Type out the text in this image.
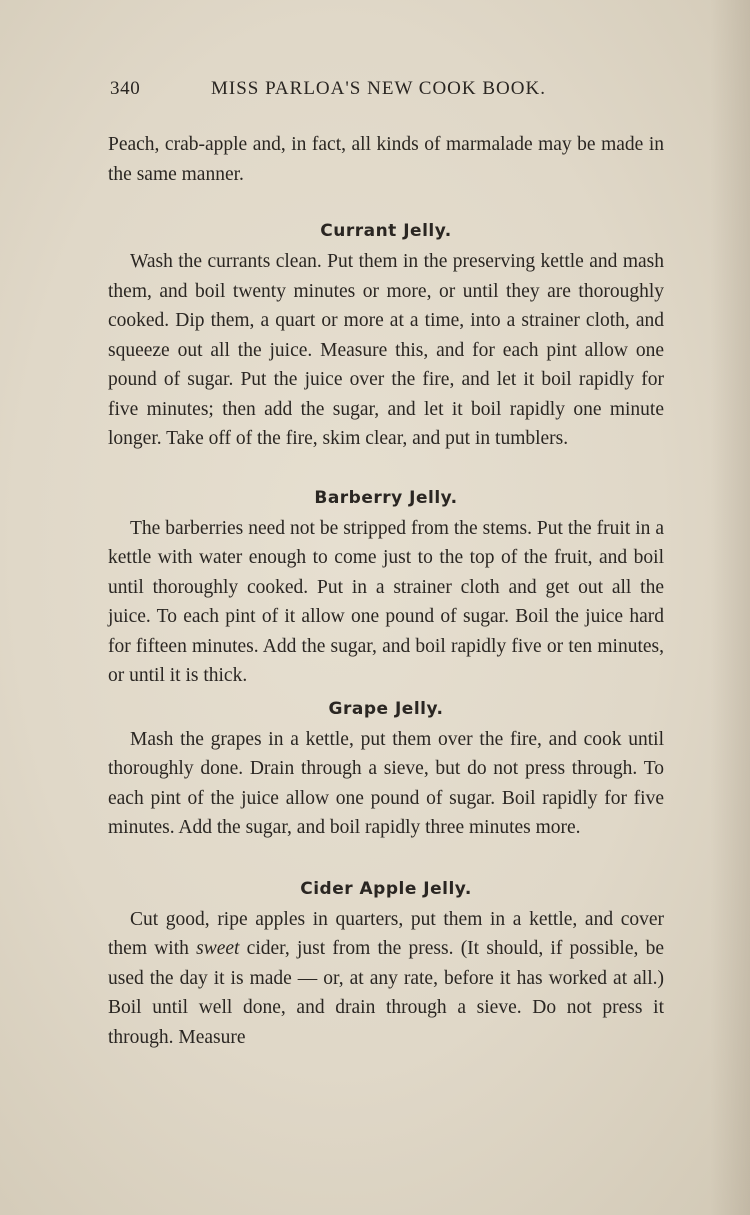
340	MISS PARLOA'S NEW COOK BOOK.

Peach, crab-apple and, in fact, all kinds of marmalade may be made in the same manner.

Currant Jelly.

Wash the currants clean. Put them in the preserving kettle and mash them, and boil twenty minutes or more, or until they are thoroughly cooked. Dip them, a quart or more at a time, into a strainer cloth, and squeeze out all the juice. Measure this, and for each pint allow one pound of sugar. Put the juice over the fire, and let it boil rapidly for five minutes; then add the sugar, and let it boil rapidly one minute longer. Take off of the fire, skim clear, and put in tumblers.

Barberry Jelly.

The barberries need not be stripped from the stems. Put the fruit in a kettle with water enough to come just to the top of the fruit, and boil until thoroughly cooked. Put in a strainer cloth and get out all the juice. To each pint of it allow one pound of sugar. Boil the juice hard for fifteen minutes. Add the sugar, and boil rapidly five or ten minutes, or until it is thick.

Grape Jelly.

Mash the grapes in a kettle, put them over the fire, and cook until thoroughly done. Drain through a sieve, but do not press through. To each pint of the juice allow one pound of sugar. Boil rapidly for five minutes. Add the sugar, and boil rapidly three minutes more.

Cider Apple Jelly.

Cut good, ripe apples in quarters, put them in a kettle, and cover them with sweet cider, just from the press. (It should, if possible, be used the day it is made — or, at any rate, before it has worked at all.) Boil until well done, and drain through a sieve. Do not press it through. Measure
